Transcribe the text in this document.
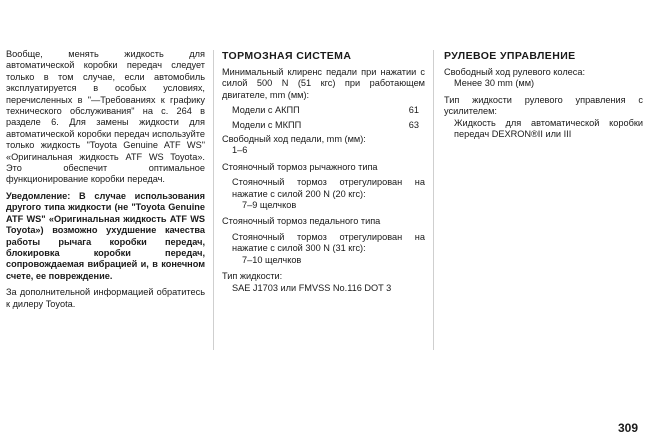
Вообще, менять жидкость для автоматической коробки передач следует только в том случае, если автомобиль эксплуатируется в особых условиях, перечисленных в "—Требованиях к графику технического обслуживания" на с. 264 в разделе 6. Для замены жидкости для автоматической коробки передач используйте только жидкость "Toyota Genuine ATF WS" «Оригинальная жидкость ATF WS Toyota». Это обеспечит оптимальное функционирование коробки передач.

Уведомление: В случае использования другого типа жидкости (не "Toyota Genuine ATF WS" «Оригинальная жидкость ATF WS Toyota») возможно ухудшение качества работы рычага коробки передач, блокировка коробки передач, сопровождаемая вибрацией и, в конечном счете, ее повреждение.

За дополнительной информацией обратитесь к дилеру Toyota.

ТОРМОЗНАЯ СИСТЕМА

Минимальный клиренс педали при нажатии с силой 500 N (51 кгс) при работающем двигателе, mm (мм):

Модели с АКПП	61
Модели с МКПП	63

Свободный ход педали, mm (мм):

1–6

Стояночный тормоз рычажного типа

Стояночный тормоз отрегулирован на нажатие с силой 200 N (20 кгс):

7–9 щелчков

Стояночный тормоз педального типа

Стояночный тормоз отрегулирован на нажатие с силой 300 N (31 кгс):

7–10 щелчков

Тип жидкости:

SAE J1703 или FMVSS No.116 DOT 3

РУЛЕВОЕ УПРАВЛЕНИЕ

Свободный ход рулевого колеса:

Менее 30 mm (мм)

Тип жидкости рулевого управления с усилителем:

Жидкость для автоматической коробки передач DEXRON®II или III

309
